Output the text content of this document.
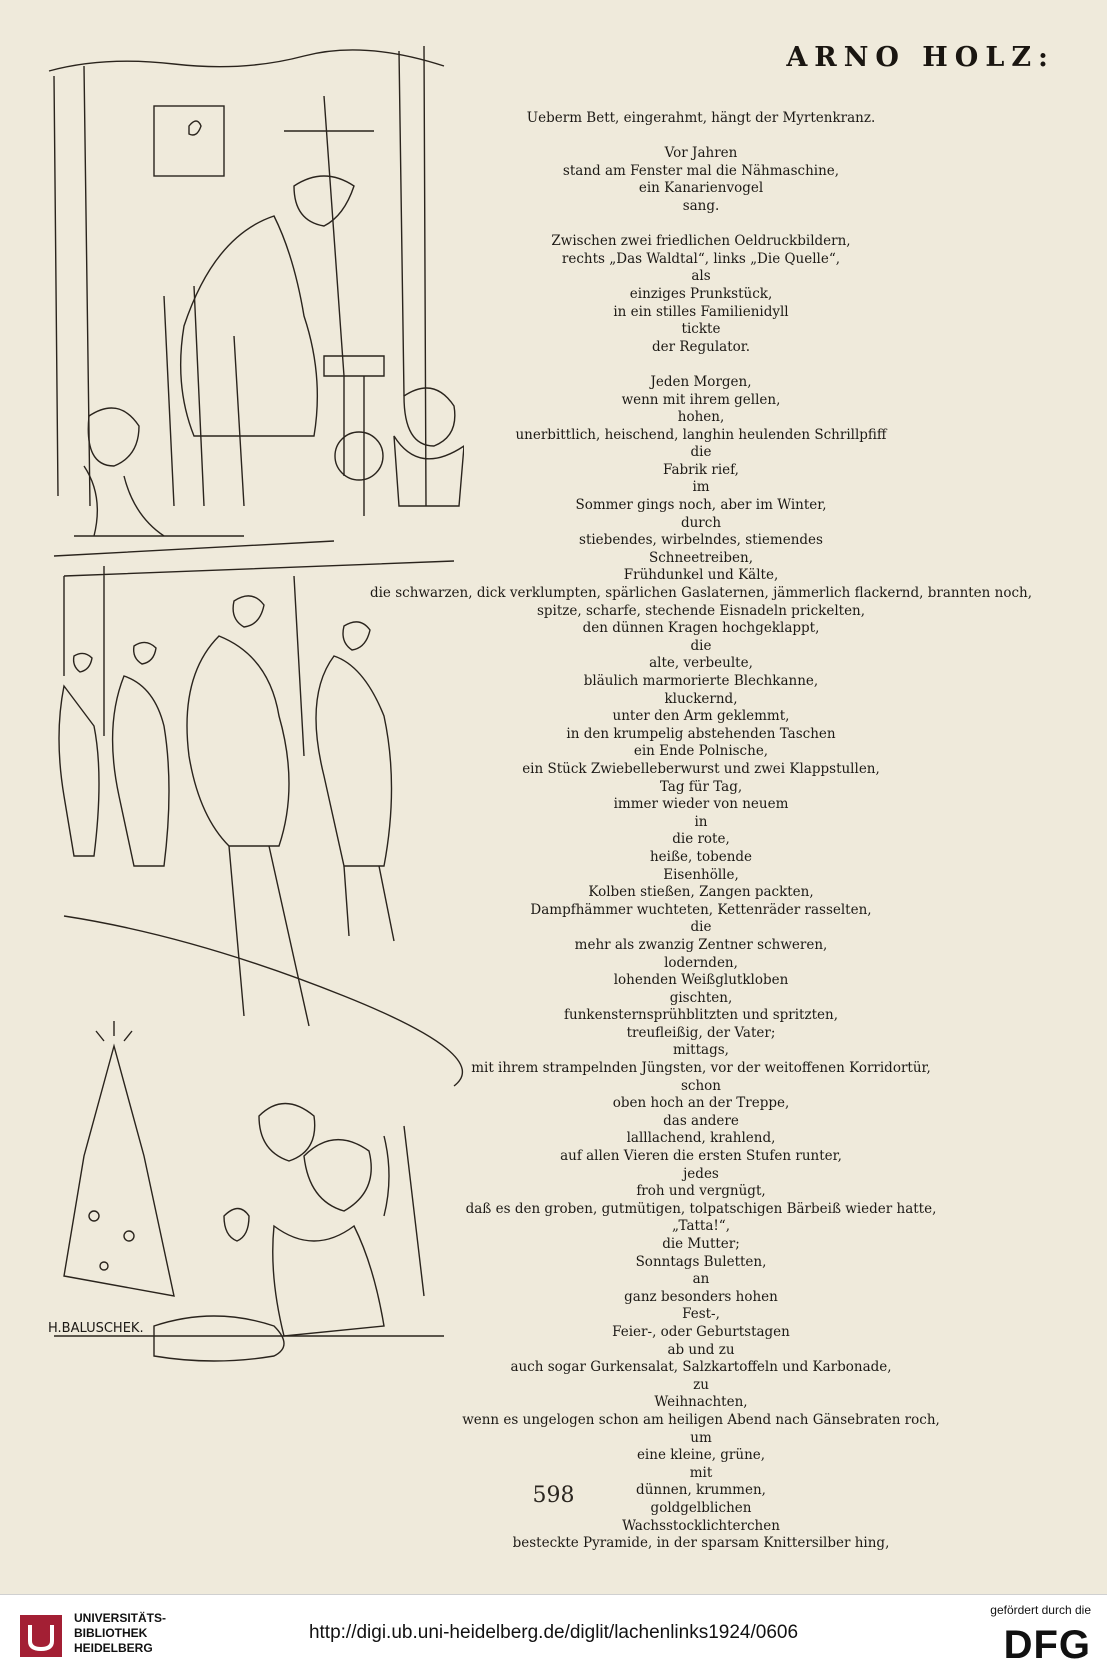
ARNO HOLZ:
H.BALUSCHEK.
Ueberm Bett, eingerahmt, hängt der Myrtenkranz.
Vor Jahren
stand am Fenster mal die Nähmaschine,
ein Kanarienvogel
sang.
Zwischen zwei friedlichen Oeldruckbildern,
rechts „Das Waldtal“, links „Die Quelle“,
als
einziges Prunkstück,
in ein stilles Familienidyll
tickte
der Regulator.
Jeden Morgen,
wenn mit ihrem gellen,
hohen,
unerbittlich, heischend, langhin heulenden Schrillpfiff
die
Fabrik rief,
im
Sommer gings noch, aber im Winter,
durch
stiebendes, wirbelndes, stiemendes
Schneetreiben,
Frühdunkel und Kälte,
die schwarzen, dick verklumpten, spärlichen Gaslaternen, jämmerlich flackernd, brannten noch,
spitze, scharfe, stechende Eisnadeln prickelten,
den dünnen Kragen hochgeklappt,
die
alte, verbeulte,
bläulich marmorierte Blechkanne,
kluckernd,
unter den Arm geklemmt,
in den krumpelig abstehenden Taschen
ein Ende Polnische,
ein Stück Zwiebelleberwurst und zwei Klappstullen,
Tag für Tag,
immer wieder von neuem
in
die rote,
heiße, tobende
Eisenhölle,
Kolben stießen, Zangen packten,
Dampfhämmer wuchteten, Kettenräder rasselten,
die
mehr als zwanzig Zentner schweren,
lodernden,
lohenden Weißglutkloben
gischten,
funkensternsprühblitzten und spritzten,
treufleißig, der Vater;
mittags,
mit ihrem strampelnden Jüngsten, vor der weitoffenen Korridortür,
schon
oben hoch an der Treppe,
das andere
lalllachend, krahlend,
auf allen Vieren die ersten Stufen runter,
jedes
froh und vergnügt,
daß es den groben, gutmütigen, tolpatschigen Bärbeiß wieder hatte,
„Tatta!“,
die Mutter;
Sonntags Buletten,
an
ganz besonders hohen
Fest-,
Feier-, oder Geburtstagen
ab und zu
auch sogar Gurkensalat, Salzkartoffeln und Karbonade,
zu
Weihnachten,
wenn es ungelogen schon am heiligen Abend nach Gänsebraten roch,
um
eine kleine, grüne,
mit
dünnen, krummen,
goldgelblichen
Wachsstocklichterchen
besteckte Pyramide, in der sparsam Knittersilber hing,
598
UNIVERSITÄTS-
BIBLIOTHEK
HEIDELBERG
http://digi.ub.uni-heidelberg.de/diglit/lachenlinks1924/0606
gefördert durch die
DFG
